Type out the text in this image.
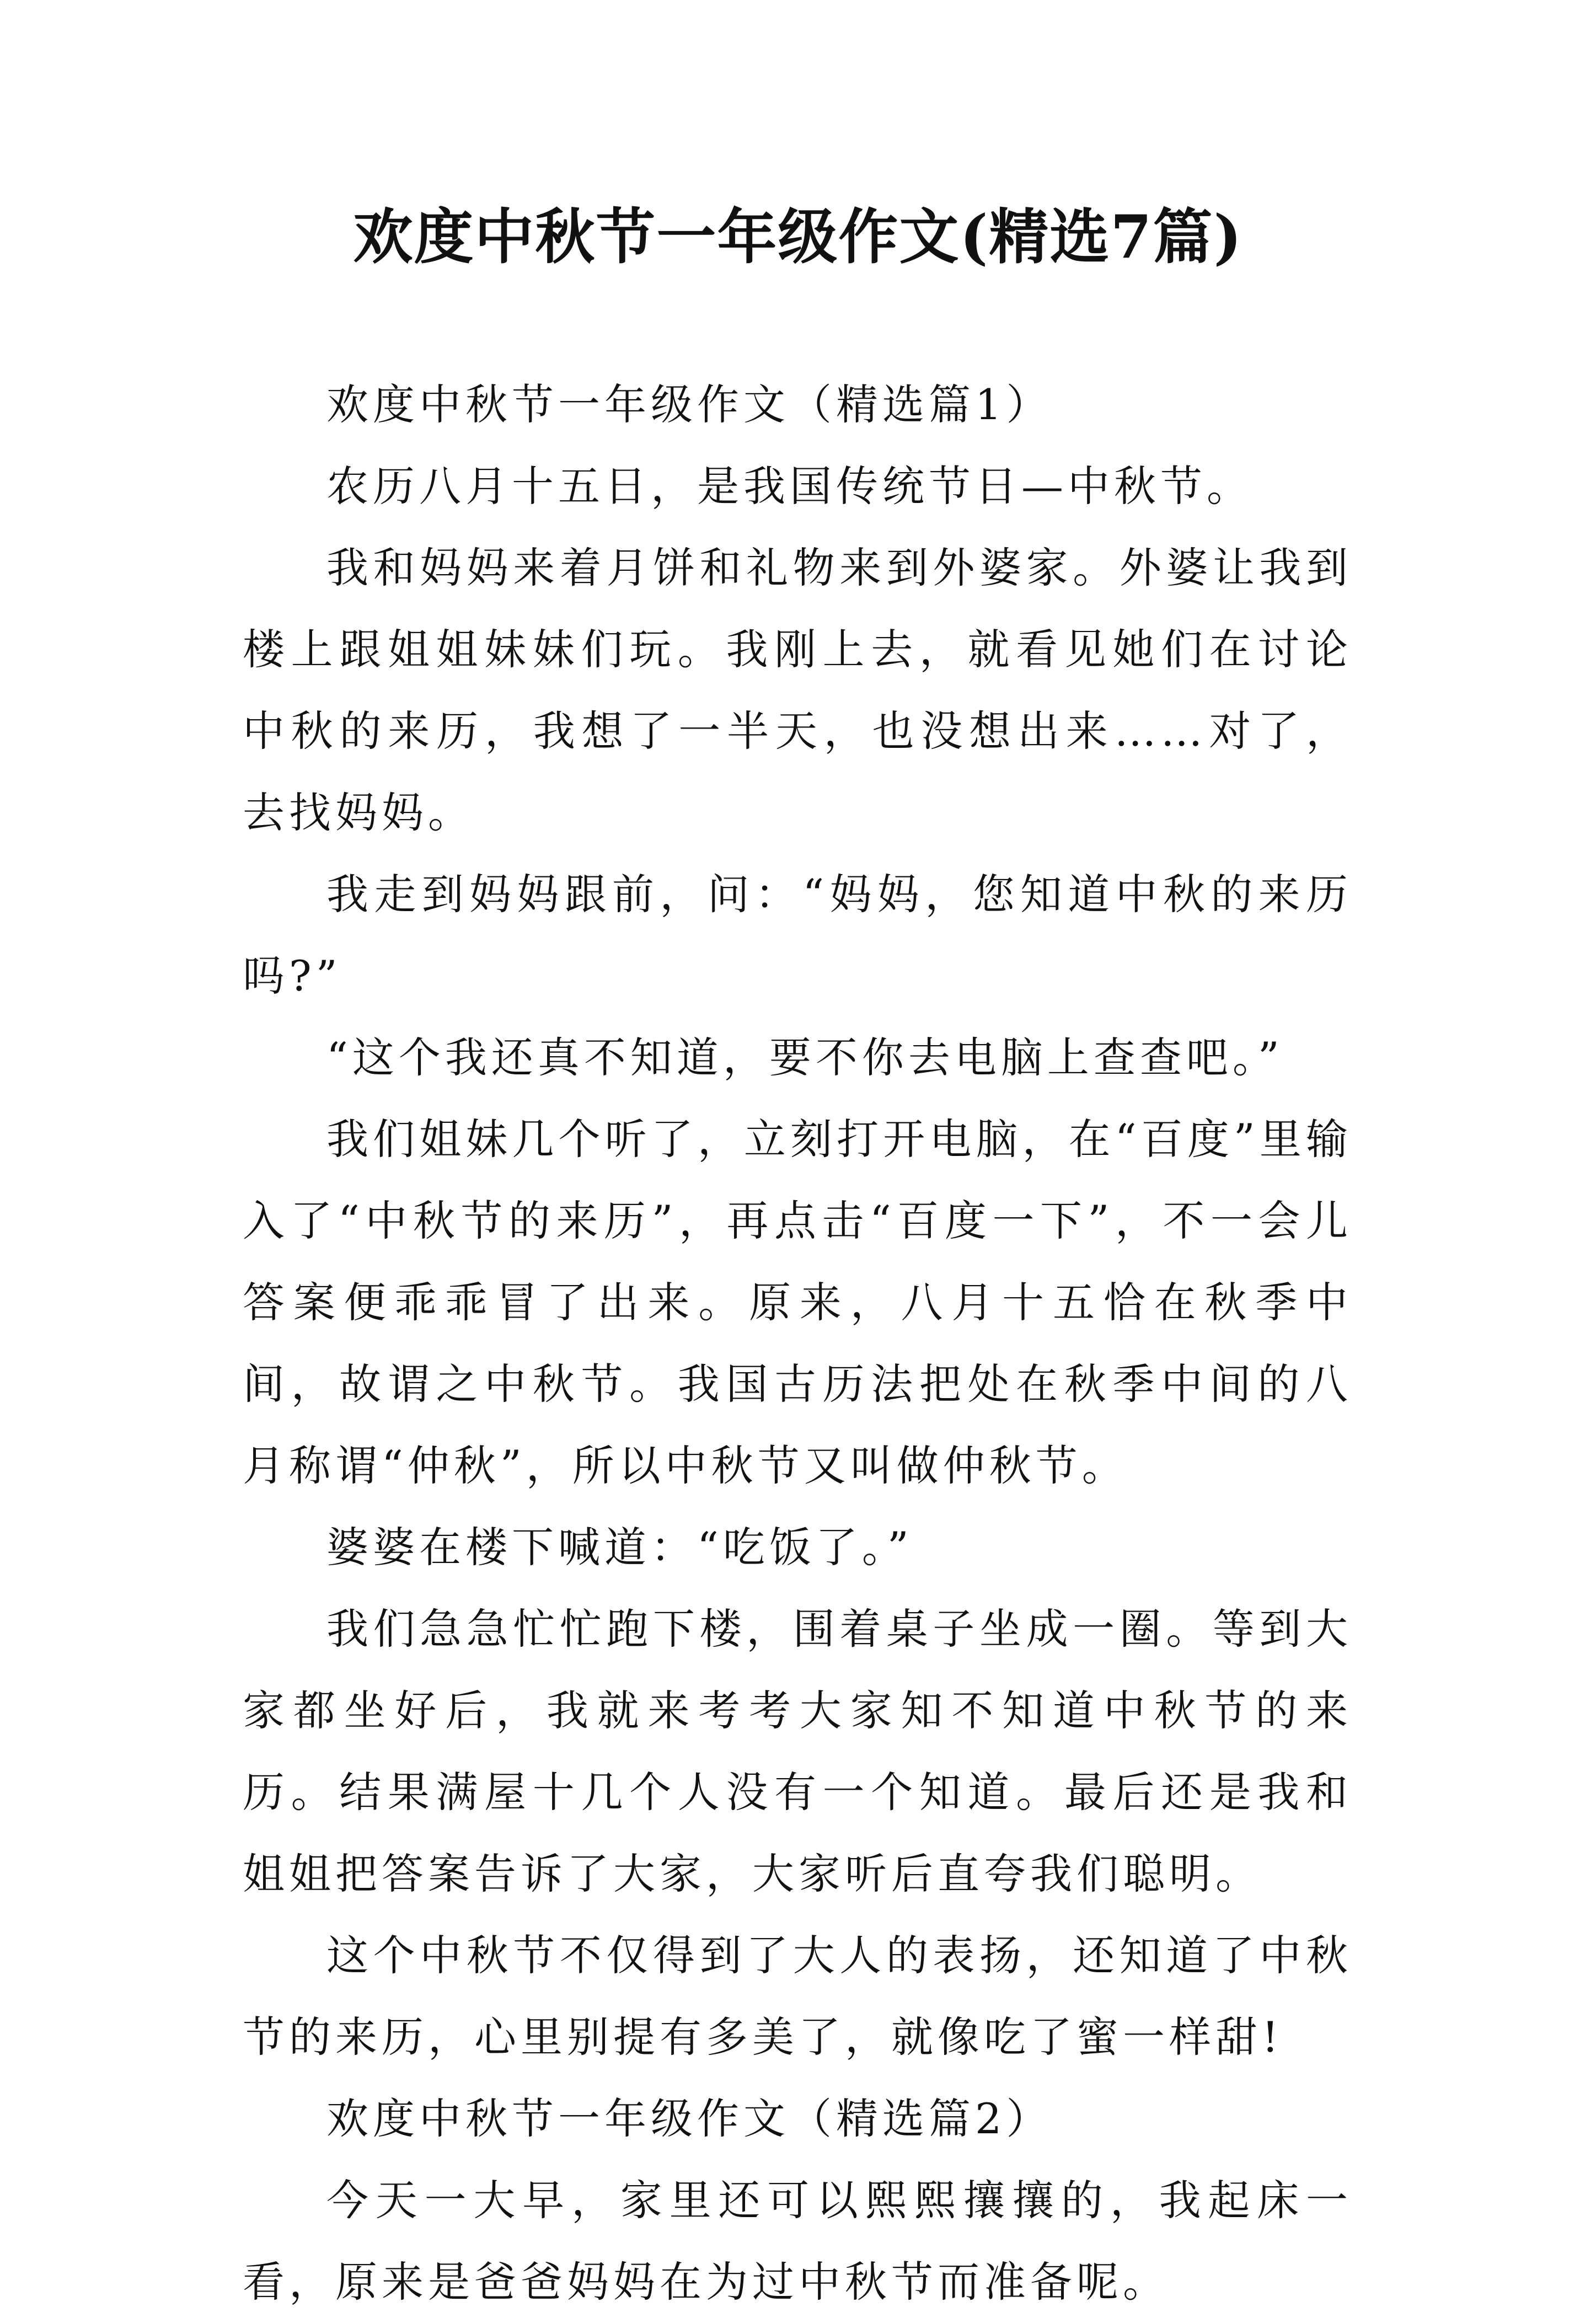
欢度中秋节一年级作文(精选7篇)

欢度中秋节一年级作文（精选篇1）

农历八月十五日，是我国传统节日—中秋节。

我和妈妈来着月饼和礼物来到外婆家。外婆让我到楼上跟姐姐妹妹们玩。我刚上去，就看见她们在讨论中秋的来历，我想了一半天，也没想出来……对了，去找妈妈。

我走到妈妈跟前，问：“妈妈，您知道中秋的来历吗?”

“这个我还真不知道，要不你去电脑上查查吧。”

我们姐妹几个听了，立刻打开电脑，在“百度”里输入了“中秋节的来历”，再点击“百度一下”，不一会儿答案便乖乖冒了出来。原来，八月十五恰在秋季中间，故谓之中秋节。我国古历法把处在秋季中间的八月称谓“仲秋”，所以中秋节又叫做仲秋节。

婆婆在楼下喊道：“吃饭了。”

我们急急忙忙跑下楼，围着桌子坐成一圈。等到大家都坐好后，我就来考考大家知不知道中秋节的来历。结果满屋十几个人没有一个知道。最后还是我和姐姐把答案告诉了大家，大家听后直夸我们聪明。

这个中秋节不仅得到了大人的表扬，还知道了中秋节的来历，心里别提有多美了，就像吃了蜜一样甜!

欢度中秋节一年级作文（精选篇2）

今天一大早，家里还可以熙熙攘攘的，我起床一看，原来是爸爸妈妈在为过中秋节而准备呢。
